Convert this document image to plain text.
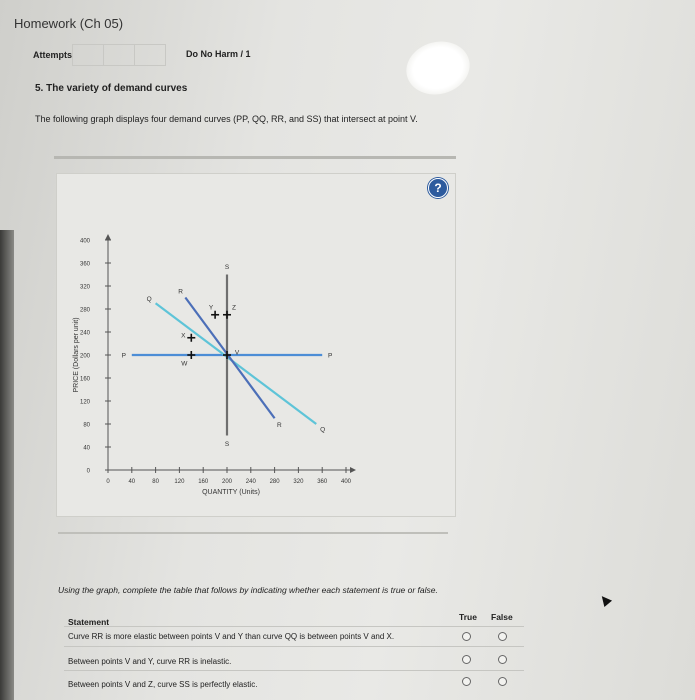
Homework (Ch 05)
Attempts	Do No Harm / 1
5. The variety of demand curves
The following graph displays four demand curves (PP, QQ, RR, and SS) that intersect at point V.
?
0
40
80
120
160
200
240
280
320
360
400
0	40	80	120 160 200 240 280 320 360 400
QUANTITY (Units)
PRICE (Dollars per unit)	P	P
Q
Q
R
R
S
S
V
W
X
Y	Z
Using the graph, complete the table that follows by indicating whether each statement is true or false.
True False
Statement
Curve RR is more elastic between points V and Y than curve QQ is between points V and X.
Between points V and Y, curve RR is inelastic.
Between points V and Z, curve SS is perfectly elastic.
